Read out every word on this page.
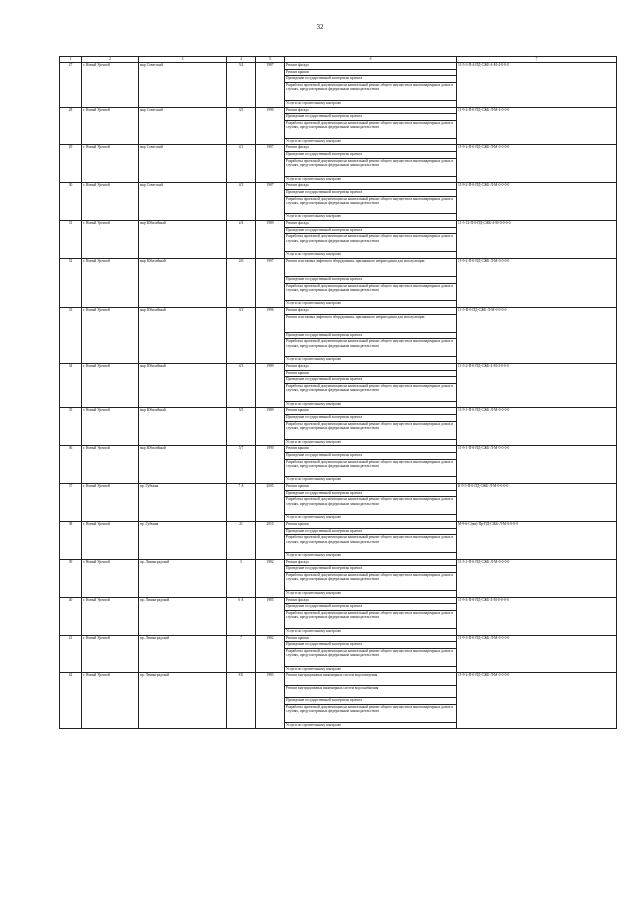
32
1	2	3	4	5	6	7
27	г. Новый Уренгой	мкр Советский	3/4	1987	Ремонт фасада	11-5-3-П-4-ПД-СЖЕ-4-М-4-0-0-0
					Ремонт крыши	
					Проведение государственной экспертизы проекта	
					Разработка проектной документации на капитальный ремонт общего имущества в многоквартирных домах в случаях, предусмотренных федеральным законодательством	
					Услуги по строительному контролю	
28	г. Новый Уренгой	мкр Советский	3/5	1990	Ремонт фасада	11-9-2-П-0-ПД-СЖБ-Л-М-4-0-0-0
					Проведение государственной экспертизы проекта	
					Разработка проектной документации на капитальный ремонт общего имущества в многоквартирных домах в случаях, предусмотренных федеральным законодательством	
					Услуги по строительному контролю	
29	г. Новый Уренгой	мкр Советский	4/1	1987	Ремонт фасада	11-9-2-П-0-ПД-СЖБ-Л-М-0-0-0-0
					Проведение государственной экспертизы проекта	
					Разработка проектной документации на капитальный ремонт общего имущества в многоквартирных домах в случаях, предусмотренных федеральным законодательством	
					Услуги по строительному контролю	
30	г. Новый Уренгой	мкр Советский	4/3	1987	Ремонт фасада	11-9-2-П-0-ПД-СЖБ-Л-М-0-0-0-0
					Проведение государственной экспертизы проекта	
					Разработка проектной документации на капитальный ремонт общего имущества в многоквартирных домах в случаях, предусмотренных федеральным законодательством	
					Услуги по строительному контролю	
31	г. Новый Уренгой	мкр Юбилейный	2/4	1989	Ремонт фасада	11-5-12-П-0-ПД-СЖБ-4-М-0-0-0-0
					Проведение государственной экспертизы проекта	
					Разработка проектной документации на капитальный ремонт общего имущества в многоквартирных домах в случаях, предусмотренных федеральным законодательством	
					Услуги по строительному контролю	
32	г. Новый Уренгой	мкр Юбилейный	2/6	1997	Ремонт или замена лифтового оборудования, признанного непригодным для эксплуатации	11-9-2-П-0-ПД-СЖБ-Л-М-0-0-0-0
					Проведение государственной экспертизы проекта	
					Разработка проектной документации на капитальный ремонт общего имущества в многоквартирных домах в случаях, предусмотренных федеральным законодательством	
					Услуги по строительному контролю	
33	г. Новый Уренгой	мкр Юбилейный	3/1	1996	Ремонт фасада	11-5-П-0-ПД-СЖБ-Л-М-0-0-0-0
					Ремонт или замена лифтового оборудования, признанного непригодным для эксплуатации	
					Проведение государственной экспертизы проекта	
					Разработка проектной документации на капитальный ремонт общего имущества в многоквартирных домах в случаях, предусмотренных федеральным законодательством	
					Услуги по строительному контролю	
34	г. Новый Уренгой	мкр Юбилейный	4/3	1989	Ремонт фасада	11-5-2-П-0-ПД-СЖБ-4-М-4-0-0-0
					Ремонт крыши	
					Проведение государственной экспертизы проекта	
					Разработка проектной документации на капитальный ремонт общего имущества в многоквартирных домах в случаях, предусмотренных федеральным законодательством	
					Услуги по строительному контролю	
35	г. Новый Уренгой	мкр Юбилейный	5/5	1989	Ремонт крыши	11-9-1-П-0-ПД-СЖБ-Л-М-0-0-0-0
					Проведение государственной экспертизы проекта	
					Разработка проектной документации на капитальный ремонт общего имущества в многоквартирных домах в случаях, предусмотренных федеральным законодательством	
					Услуги по строительному контролю	
36	г. Новый Уренгой	мкр Юбилейный	5/7	1990	Ремонт крыши	11-9-1-П-0-ПД-СЖБ-Л-М-0-0-0-0
					Проведение государственной экспертизы проекта	
					Разработка проектной документации на капитальный ремонт общего имущества в многоквартирных домах в случаях, предусмотренных федеральным законодательством	
					Услуги по строительному контролю	
37	г. Новый Уренгой	пр. Губкина	7 А	2005	Ремонт крыши	К-9-5-П-0-ПД-СЖБ-Л-М-0-0-0-0
					Проведение государственной экспертизы проекта	
					Разработка проектной документации на капитальный ремонт общего имущества в многоквартирных домах в случаях, предусмотренных федеральным законодательством	
					Услуги по строительному контролю	
38	г. Новый Уренгой	пр. Губкина	21	2010	Ремонт крыши	М-9-6-С(мн)-Пр-ПД-СЖБ-Л-М-0-0-0-0
					Проведение государственной экспертизы проекта	
					Разработка проектной документации на капитальный ремонт общего имущества в многоквартирных домах в случаях, предусмотренных федеральным законодательством	
					Услуги по строительному контролю	
39	г. Новый Уренгой	пр. Ленинградский	5	1982	Ремонт фасада	11-5-1-П-0-ПД-СЖБ-Л-М-0-0-0-0
					Проведение государственной экспертизы проекта	
					Разработка проектной документации на капитальный ремонт общего имущества в многоквартирных домах в случаях, предусмотренных федеральным законодательством	
					Услуги по строительному контролю	
40	г. Новый Уренгой	пр. Ленинградский	6 А	1985	Ремонт фасада	11-9-4-П-0-ПД-СЖБ-4-М-0-0-0-0
					Проведение государственной экспертизы проекта	
					Разработка проектной документации на капитальный ремонт общего имущества в многоквартирных домах в случаях, предусмотренных федеральным законодательством	
					Услуги по строительному контролю	
41	г. Новый Уренгой	пр. Ленинградский	7	1982	Ремонт крыши	11-9-3-П-0-ПД-СЖБ-Л-М-0-0-0-0
					Проведение государственной экспертизы проекта	
					Разработка проектной документации на капитальный ремонт общего имущества в многоквартирных домах в случаях, предусмотренных федеральным законодательством	
					Услуги по строительному контролю	
42	г. Новый Уренгой	пр. Ленинградский	8 Б	1983	Ремонт внутридомовых инженерных систем водоотведения	11-9-2-П-0-ПД-СЖБ-Л-М-0-0-0-0
					Ремонт внутридомовых инженерных систем водоснабжения	
					Проведение государственной экспертизы проекта	
					Разработка проектной документации на капитальный ремонт общего имущества в многоквартирных домах в случаях, предусмотренных федеральным законодательством	
					Услуги по строительному контролю	
